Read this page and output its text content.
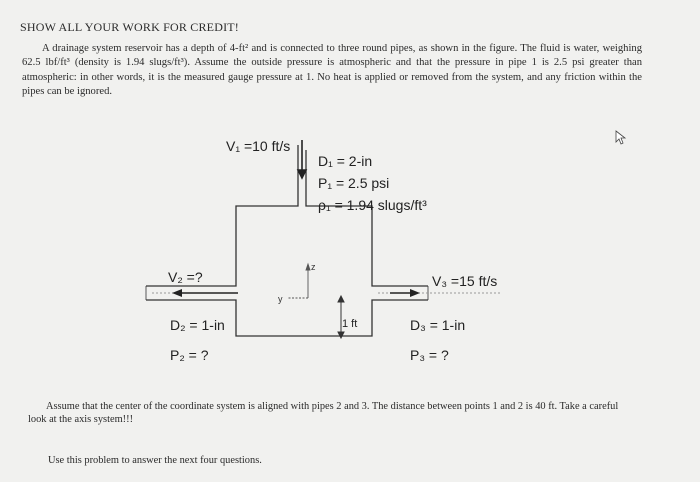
SHOW ALL YOUR WORK FOR CREDIT!

A drainage system reservoir has a depth of 4-ft² and is connected to three round pipes, as shown in the figure. The fluid is water, weighing 62.5 lbf/ft³ (density is 1.94 slugs/ft³). Assume the outside pressure is atmospheric and that the pressure in pipe 1 is 2.5 psi greater than atmospheric: in other words, it is the measured gauge pressure at 1. No heat is applied or removed from the system, and any friction within the pipes can be ignored.

z
y
1 ft
V₁ =10 ft/s
D₁ = 2-in
P₁ = 2.5 psi
ρ₁ = 1.94 slugs/ft³
V₂ =?
D₂ = 1-in
P₂ = ?
V₃ =15 ft/s
D₃ = 1-in
P₃ = ?

Assume that the center of the coordinate system is aligned with pipes 2 and 3. The distance between points 1 and 2 is 40 ft. Take a careful look at the axis system!!!

Use this problem to answer the next four questions.
